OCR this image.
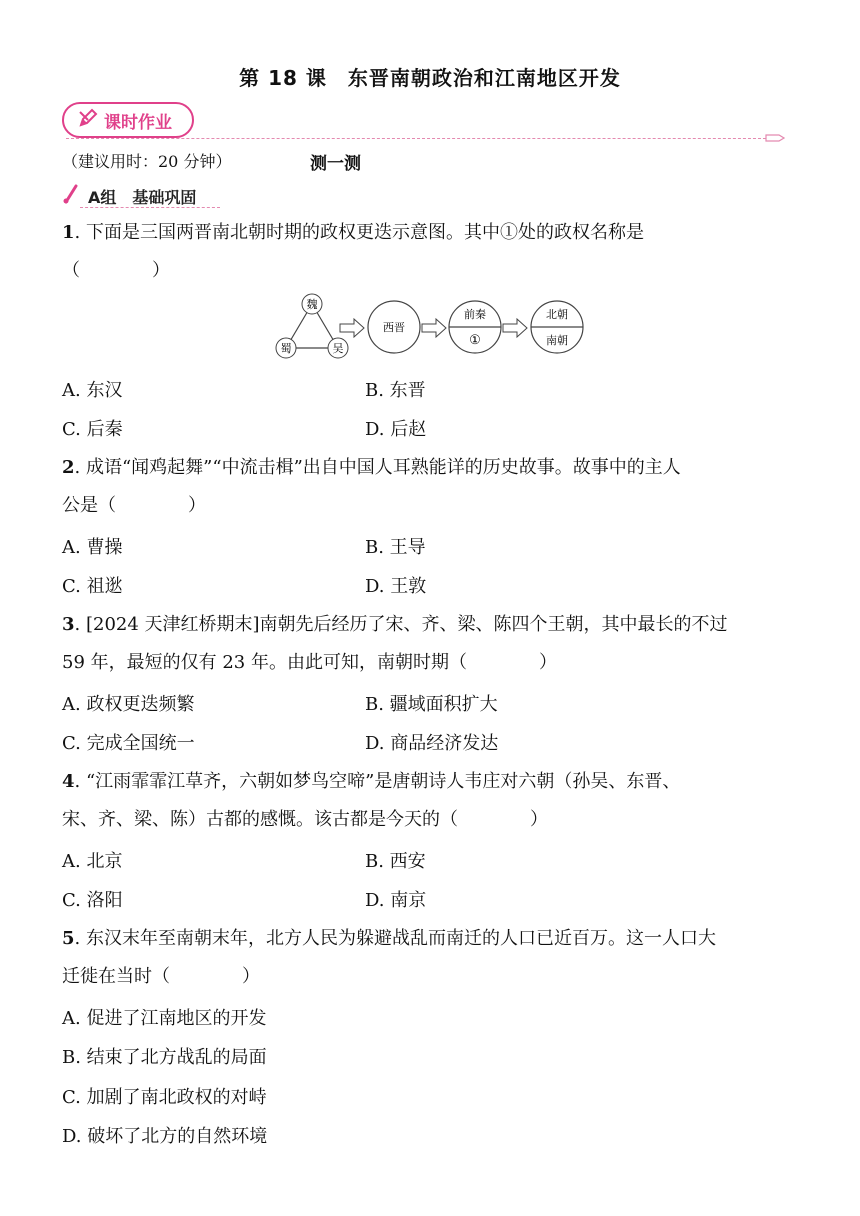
第 18 课　东晋南朝政治和江南地区开发
课时作业
（建议用时：20 分钟）	测一测
A组　基础巩固
1. 下面是三国两晋南北朝时期的政权更迭示意图。其中①处的政权名称是
（　　　　）
魏
蜀	吴
西晋
前秦
①
北朝
南朝
A. 东汉	B. 东晋
C. 后秦	D. 后赵
2. 成语“闻鸡起舞”“中流击楫”出自中国人耳熟能详的历史故事。故事中的主人
公是（　　　　）
A. 曹操	B. 王导
C. 祖逖	D. 王敦
3. [2024 天津红桥期末]南朝先后经历了宋、齐、梁、陈四个王朝，其中最长的不过
59 年，最短的仅有 23 年。由此可知，南朝时期（　　　　）
A. 政权更迭频繁	B. 疆域面积扩大
C. 完成全国统一	D. 商品经济发达
4. “江雨霏霏江草齐，六朝如梦鸟空啼”是唐朝诗人韦庄对六朝（孙吴、东晋、
宋、齐、梁、陈）古都的感慨。该古都是今天的（　　　　）
A. 北京	B. 西安
C. 洛阳	D. 南京
5. 东汉末年至南朝末年，北方人民为躲避战乱而南迁的人口已近百万。这一人口大
迁徙在当时（　　　　）
A. 促进了江南地区的开发
B. 结束了北方战乱的局面
C. 加剧了南北政权的对峙
D. 破坏了北方的自然环境
